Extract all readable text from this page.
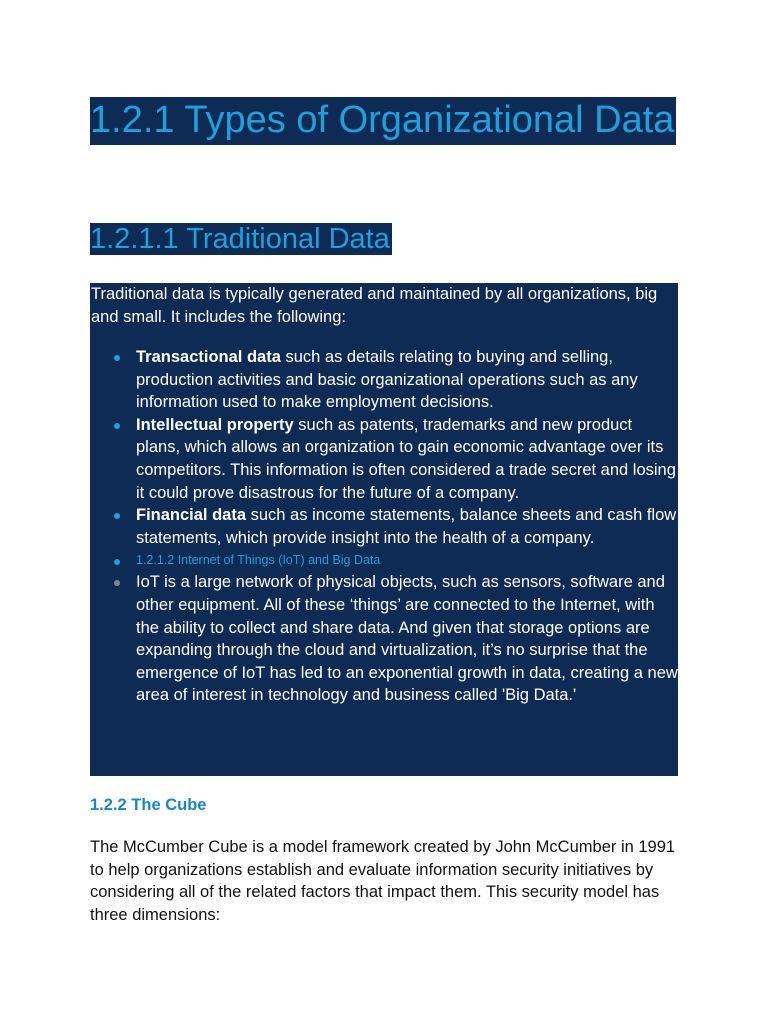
1.2.1 Types of Organizational Data
1.2.1.1 Traditional Data

Traditional data is typically generated and maintained by all organizations, big and small. It includes the following:

Transactional data such as details relating to buying and selling, production activities and basic organizational operations such as any information used to make employment decisions.
Intellectual property such as patents, trademarks and new product plans, which allows an organization to gain economic advantage over its competitors. This information is often considered a trade secret and losing it could prove disastrous for the future of a company.
Financial data such as income statements, balance sheets and cash flow statements, which provide insight into the health of a company.
1.2.1.2 Internet of Things (IoT) and Big Data
IoT is a large network of physical objects, such as sensors, software and other equipment. All of these ‘things’ are connected to the Internet, with the ability to collect and share data. And given that storage options are expanding through the cloud and virtualization, it’s no surprise that the emergence of IoT has led to an exponential growth in data, creating a new area of interest in technology and business called 'Big Data.'
1.2.2 The Cube

The McCumber Cube is a model framework created by John McCumber in 1991 to help organizations establish and evaluate information security initiatives by considering all of the related factors that impact them. This security model has three dimensions:
